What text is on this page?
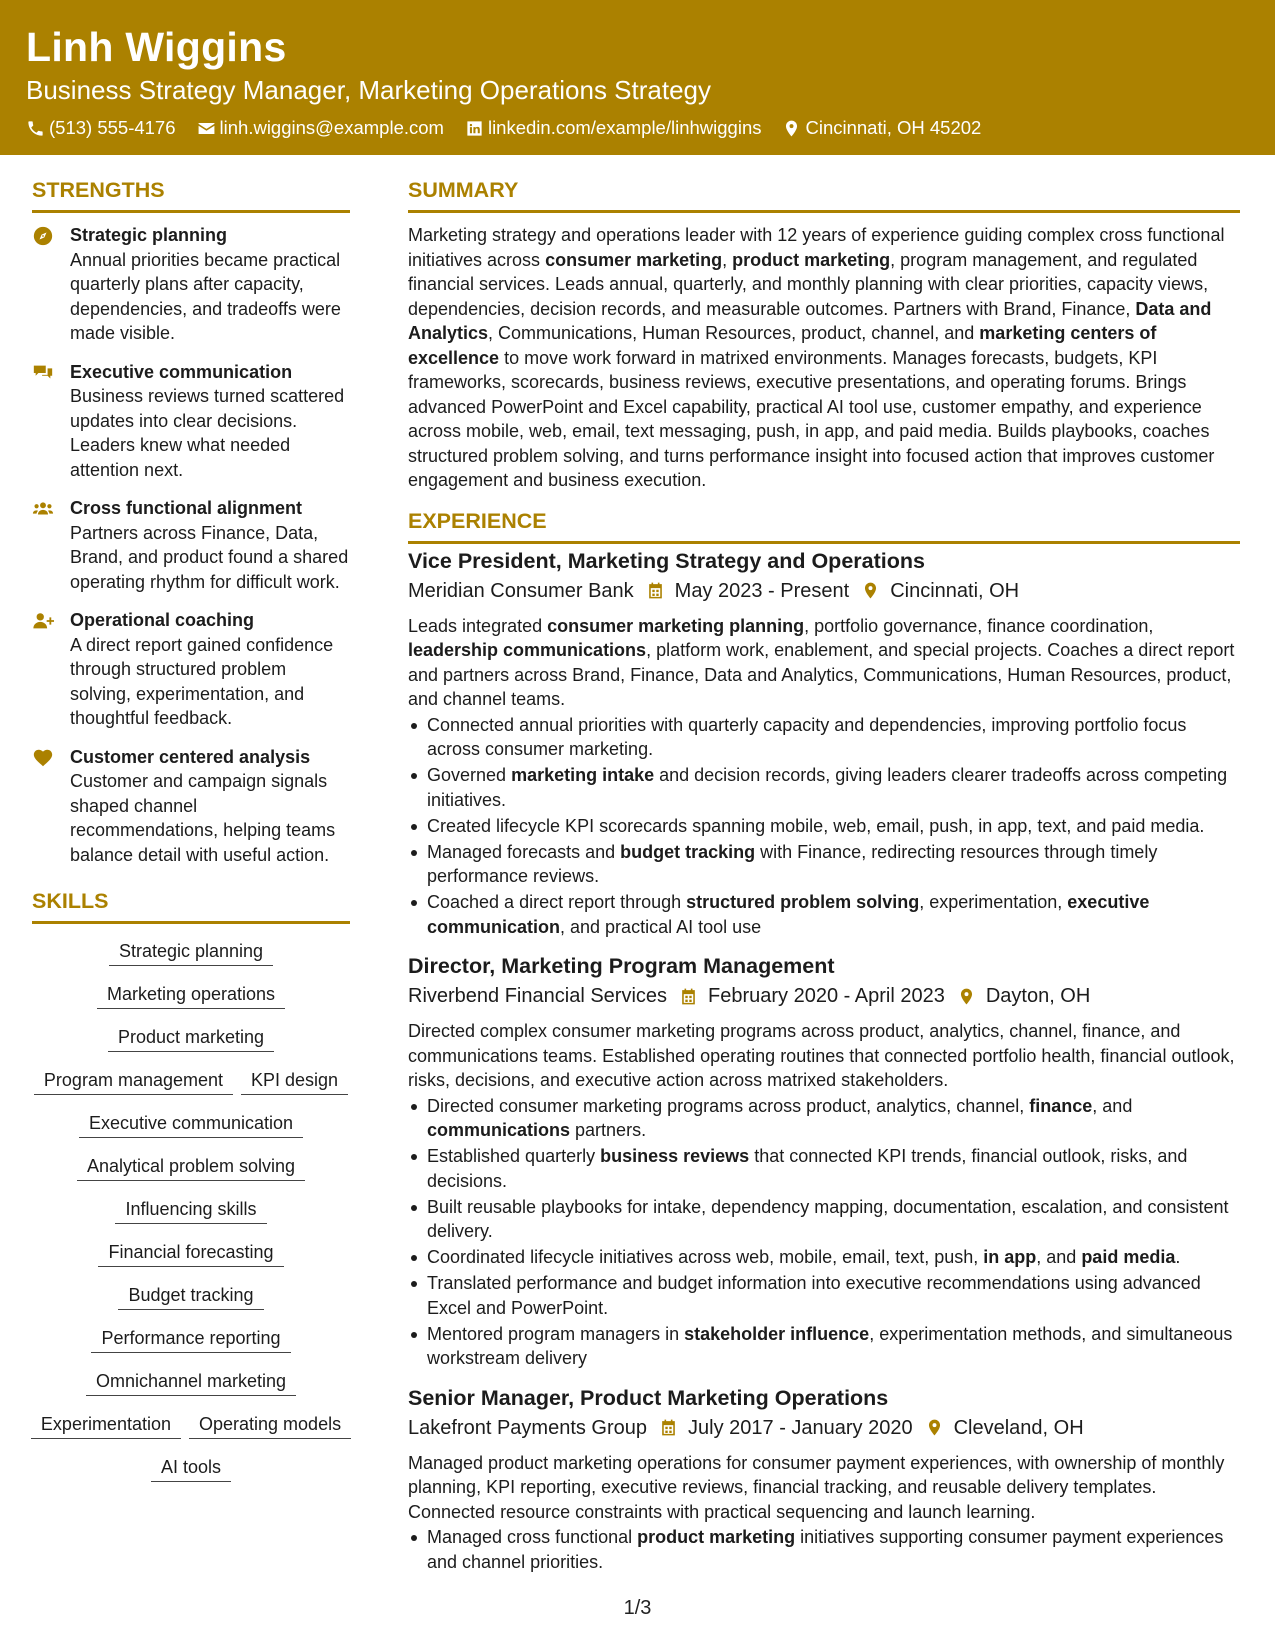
Linh Wiggins
Business Strategy Manager, Marketing Operations Strategy
(513) 555-4176 linh.wiggins@example.com linkedin.com/example/linhwiggins Cincinnati, OH 45202
STRENGTHS
Strategic planning
Annual priorities became practical quarterly plans after capacity, dependencies, and tradeoffs were made visible.
Executive communication
Business reviews turned scattered updates into clear decisions. Leaders knew what needed attention next.
Cross functional alignment
Partners across Finance, Data, Brand, and product found a shared operating rhythm for difficult work.
Operational coaching
A direct report gained confidence through structured problem solving, experimentation, and thoughtful feedback.
Customer centered analysis
Customer and campaign signals shaped channel recommendations, helping teams balance detail with useful action.
SKILLS
Strategic planning
Marketing operations
Product marketing
Program management KPI design
Executive communication
Analytical problem solving
Influencing skills
Financial forecasting
Budget tracking
Performance reporting
Omnichannel marketing
Experimentation Operating models
AI tools
SUMMARY
Marketing strategy and operations leader with 12 years of experience guiding complex cross functional initiatives across consumer marketing, product marketing, program management, and regulated financial services. Leads annual, quarterly, and monthly planning with clear priorities, capacity views, dependencies, decision records, and measurable outcomes. Partners with Brand, Finance, Data and Analytics, Communications, Human Resources, product, channel, and marketing centers of excellence to move work forward in matrixed environments. Manages forecasts, budgets, KPI frameworks, scorecards, business reviews, executive presentations, and operating forums. Brings advanced PowerPoint and Excel capability, practical AI tool use, customer empathy, and experience across mobile, web, email, text messaging, push, in app, and paid media. Builds playbooks, coaches structured problem solving, and turns performance insight into focused action that improves customer engagement and business execution.
EXPERIENCE
Vice President, Marketing Strategy and Operations
Meridian Consumer Bank May 2023 - Present Cincinnati, OH
Leads integrated consumer marketing planning, portfolio governance, finance coordination, leadership communications, platform work, enablement, and special projects. Coaches a direct report and partners across Brand, Finance, Data and Analytics, Communications, Human Resources, product, and channel teams.
Connected annual priorities with quarterly capacity and dependencies, improving portfolio focus across consumer marketing.
Governed marketing intake and decision records, giving leaders clearer tradeoffs across competing initiatives.
Created lifecycle KPI scorecards spanning mobile, web, email, push, in app, text, and paid media.
Managed forecasts and budget tracking with Finance, redirecting resources through timely performance reviews.
Coached a direct report through structured problem solving, experimentation, executive communication, and practical AI tool use
Director, Marketing Program Management
Riverbend Financial Services February 2020 - April 2023 Dayton, OH
Directed complex consumer marketing programs across product, analytics, channel, finance, and communications teams. Established operating routines that connected portfolio health, financial outlook, risks, decisions, and executive action across matrixed stakeholders.
Directed consumer marketing programs across product, analytics, channel, finance, and communications partners.
Established quarterly business reviews that connected KPI trends, financial outlook, risks, and decisions.
Built reusable playbooks for intake, dependency mapping, documentation, escalation, and consistent delivery.
Coordinated lifecycle initiatives across web, mobile, email, text, push, in app, and paid media.
Translated performance and budget information into executive recommendations using advanced Excel and PowerPoint.
Mentored program managers in stakeholder influence, experimentation methods, and simultaneous workstream delivery
Senior Manager, Product Marketing Operations
Lakefront Payments Group July 2017 - January 2020 Cleveland, OH
Managed product marketing operations for consumer payment experiences, with ownership of monthly planning, KPI reporting, executive reviews, financial tracking, and reusable delivery templates. Connected resource constraints with practical sequencing and launch learning.
Managed cross functional product marketing initiatives supporting consumer payment experiences and channel priorities.
1/3
